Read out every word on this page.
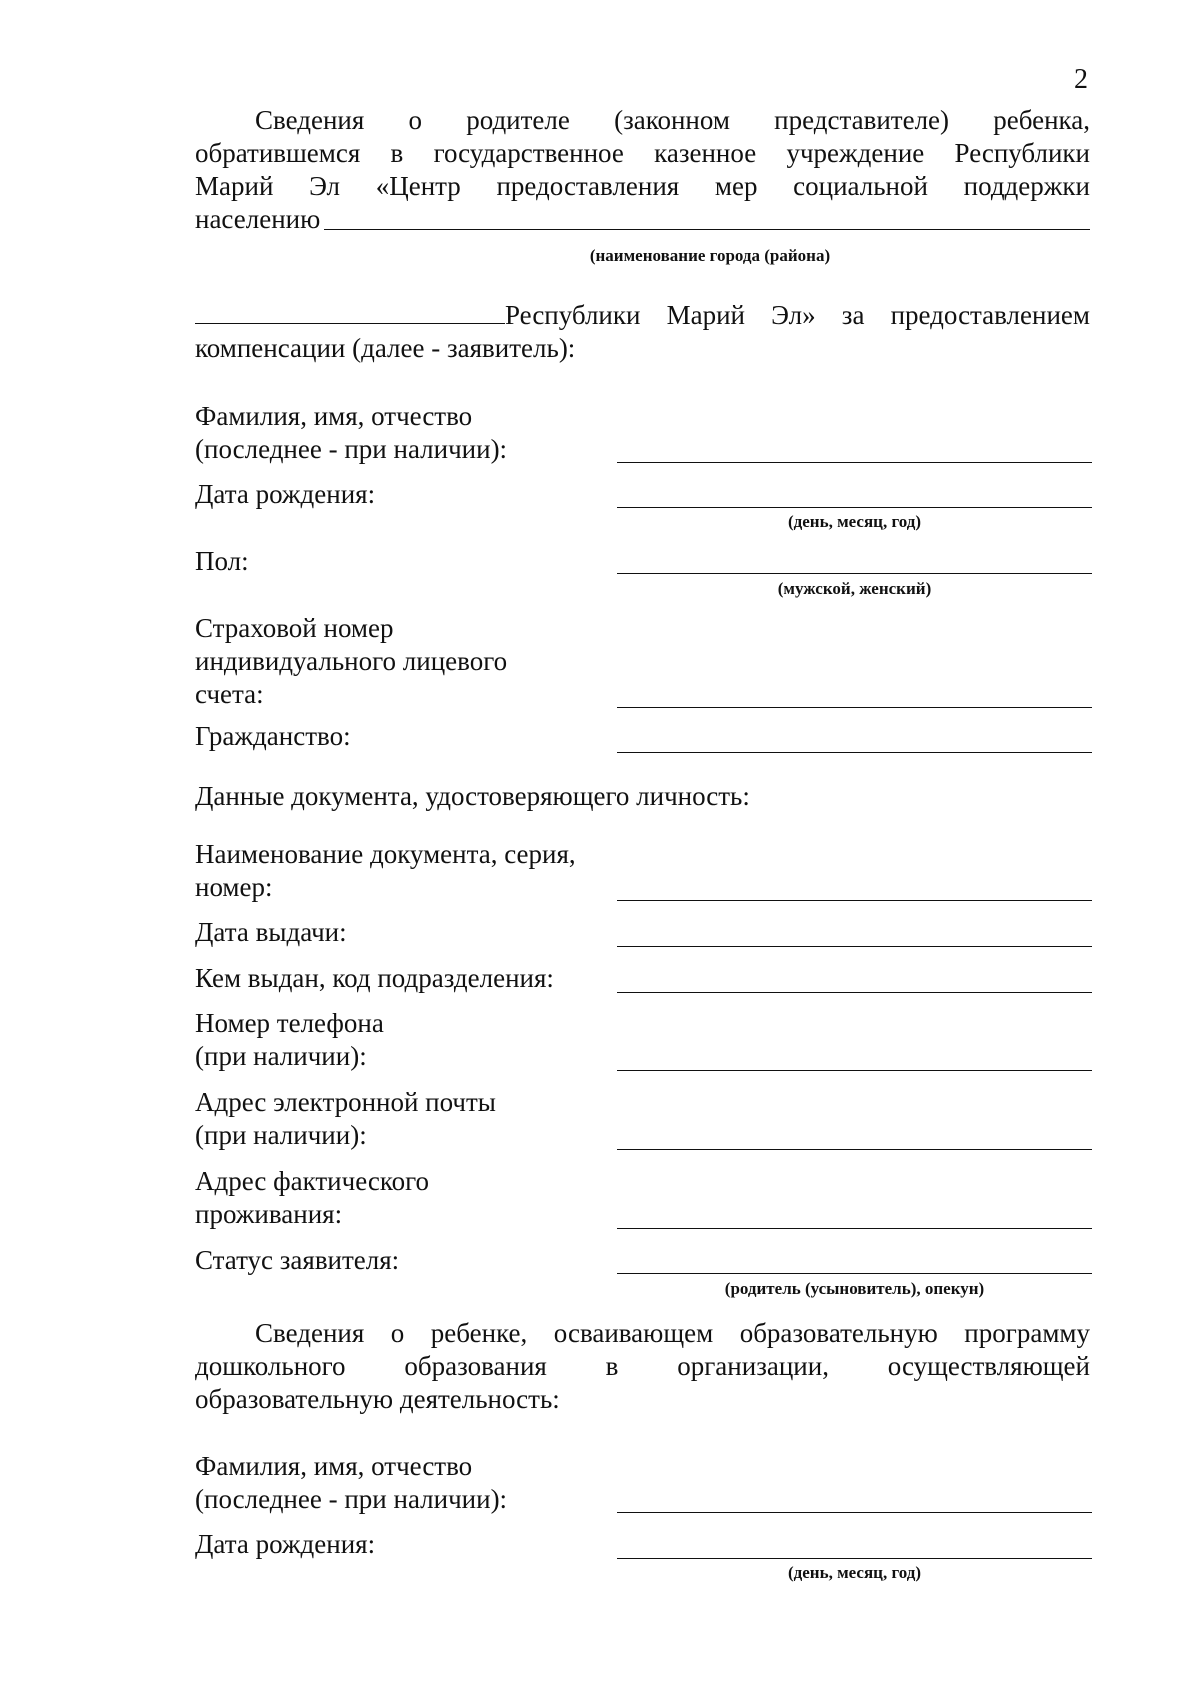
2
Сведения о родителе (законном представителе) ребенка,
обратившемся в государственное казенное учреждение Республики
Марий Эл «Центр предоставления мер социальной поддержки
населению
(наименование города (района)
Республики Марий Эл» за предоставлением
компенсации (далее - заявитель):
Фамилия, имя, отчество
(последнее - при наличии):
Дата рождения:
(день, месяц, год)
Пол:
(мужской, женский)
Страховой номер
индивидуального лицевого
счета:
Гражданство:
Данные документа, удостоверяющего личность:
Наименование документа, серия,
номер:
Дата выдачи:
Кем выдан, код подразделения:
Номер телефона
(при наличии):
Адрес электронной почты
(при наличии):
Адрес фактического
проживания:
Статус заявителя:
(родитель (усыновитель), опекун)
Сведения о ребенке, осваивающем образовательную программу
дошкольного образования в организации, осуществляющей
образовательную деятельность:
Фамилия, имя, отчество
(последнее - при наличии):
Дата рождения:
(день, месяц, год)
